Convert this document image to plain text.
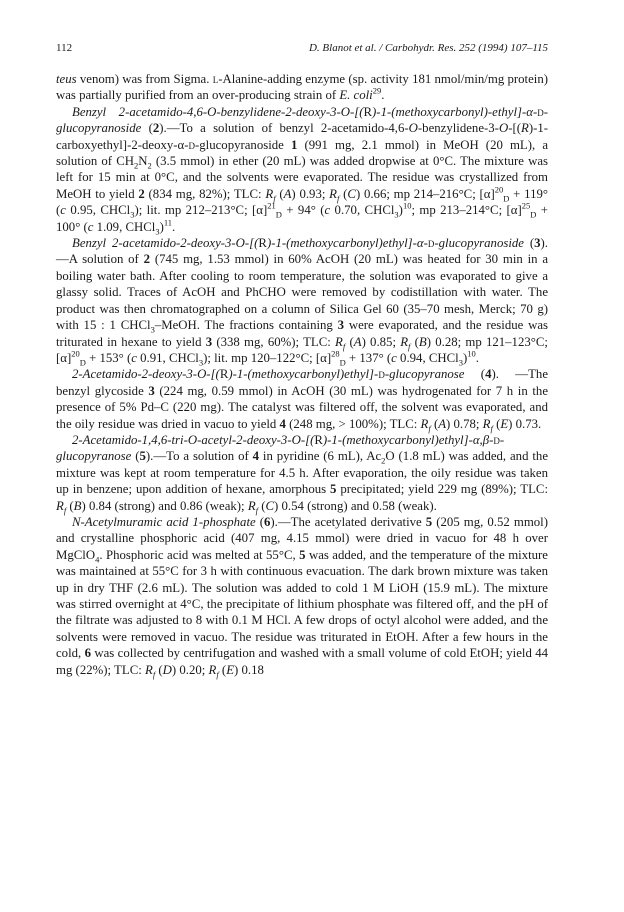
112	D. Blanot et al. / Carbohydr. Res. 252 (1994) 107–115

teus venom) was from Sigma. l-Alanine-adding enzyme (sp. activity 181 nmol/min/mg protein) was partially purified from an over-producing strain of E. coli$^{29}$.

Benzyl 2-acetamido-4,6-O-benzylidene-2-deoxy-3-O-[(R)-1-(methoxycarbonyl)-ethyl]-α-d-glucopyranoside (2).—To a solution of benzyl 2-acetamido-4,6-O-benzylidene-3-O-[(R)-1-carboxyethyl]-2-deoxy-α-d-glucopyranoside 1 (991 mg, 2.1 mmol) in MeOH (20 mL), a solution of $CH_2N_2$ (3.5 mmol) in ether (20 mL) was added dropwise at 0°C. The mixture was left for 15 min at 0°C, and the solvents were evaporated. The residue was crystallized from MeOH to yield 2 (834 mg, 82%); TLC: $R_f$ (A) 0.93; $R_f$ (C) 0.66; mp 214–216°C; $[\alpha]^{20}_D + 119^\circ$ (c 0.95, CHCl$_3$); lit. mp 212–213°C; $[\alpha]^{21}_D + 94^\circ$ (c 0.70, CHCl$_3$)$^{10}$; mp 213–214°C; $[\alpha]^{25}_D + 100^\circ$ (c 1.09, CHCl$_3$)$^{11}$.

Benzyl 2-acetamido-2-deoxy-3-O-[(R)-1-(methoxycarbonyl)ethyl]-α-d-glucopyranoside (3).—A solution of 2 (745 mg, 1.53 mmol) in 60% AcOH (20 mL) was heated for 30 min in a boiling water bath. After cooling to room temperature, the solution was evaporated to give a glassy solid. Traces of AcOH and PhCHO were removed by codistillation with water. The product was then chromatographed on a column of Silica Gel 60 (35–70 mesh, Merck; 70 g) with 15 : 1 CHCl$_3$–MeOH. The fractions containing 3 were evaporated, and the residue was triturated in hexane to yield 3 (338 mg, 60%); TLC: $R_f$ (A) 0.85; $R_f$ (B) 0.28; mp 121–123°C; $[\alpha]^{20}_D + 153^\circ$ (c 0.91, CHCl$_3$); lit. mp 120–122°C; $[\alpha]^{28}_D + 137^\circ$ (c 0.94, CHCl$_3$)$^{10}$.

2-Acetamido-2-deoxy-3-O-[(R)-1-(methoxycarbonyl)ethyl]-d-glucopyranose (4). —The benzyl glycoside 3 (224 mg, 0.59 mmol) in AcOH (30 mL) was hydrogenated for 7 h in the presence of 5% Pd–C (220 mg). The catalyst was filtered off, the solvent was evaporated, and the oily residue was dried in vacuo to yield 4 (248 mg, > 100%); TLC: $R_f$ (A) 0.78; $R_f$ (E) 0.73.

2-Acetamido-1,4,6-tri-O-acetyl-2-deoxy-3-O-[(R)-1-(methoxycarbonyl)ethyl]-α,β-d-glucopyranose (5).—To a solution of 4 in pyridine (6 mL), $Ac_2O$ (1.8 mL) was added, and the mixture was kept at room temperature for 4.5 h. After evaporation, the oily residue was taken up in benzene; upon addition of hexane, amorphous 5 precipitated; yield 229 mg (89%); TLC: $R_f$ (B) 0.84 (strong) and 0.86 (weak); $R_f$ (C) 0.54 (strong) and 0.58 (weak).

N-Acetylmuramic acid 1-phosphate (6).—The acetylated derivative 5 (205 mg, 0.52 mmol) and crystalline phosphoric acid (407 mg, 4.15 mmol) were dried in vacuo for 48 h over MgClO$_4$. Phosphoric acid was melted at 55°C, 5 was added, and the temperature of the mixture was maintained at 55°C for 3 h with continuous evacuation. The dark brown mixture was taken up in dry THF (2.6 mL). The solution was added to cold 1 M LiOH (15.9 mL). The mixture was stirred overnight at 4°C, the precipitate of lithium phosphate was filtered off, and the pH of the filtrate was adjusted to 8 with 0.1 M HCl. A few drops of octyl alcohol were added, and the solvents were removed in vacuo. The residue was triturated in EtOH. After a few hours in the cold, 6 was collected by centrifugation and washed with a small volume of cold EtOH; yield 44 mg (22%); TLC: $R_f$ (D) 0.20; $R_f$ (E) 0.18
